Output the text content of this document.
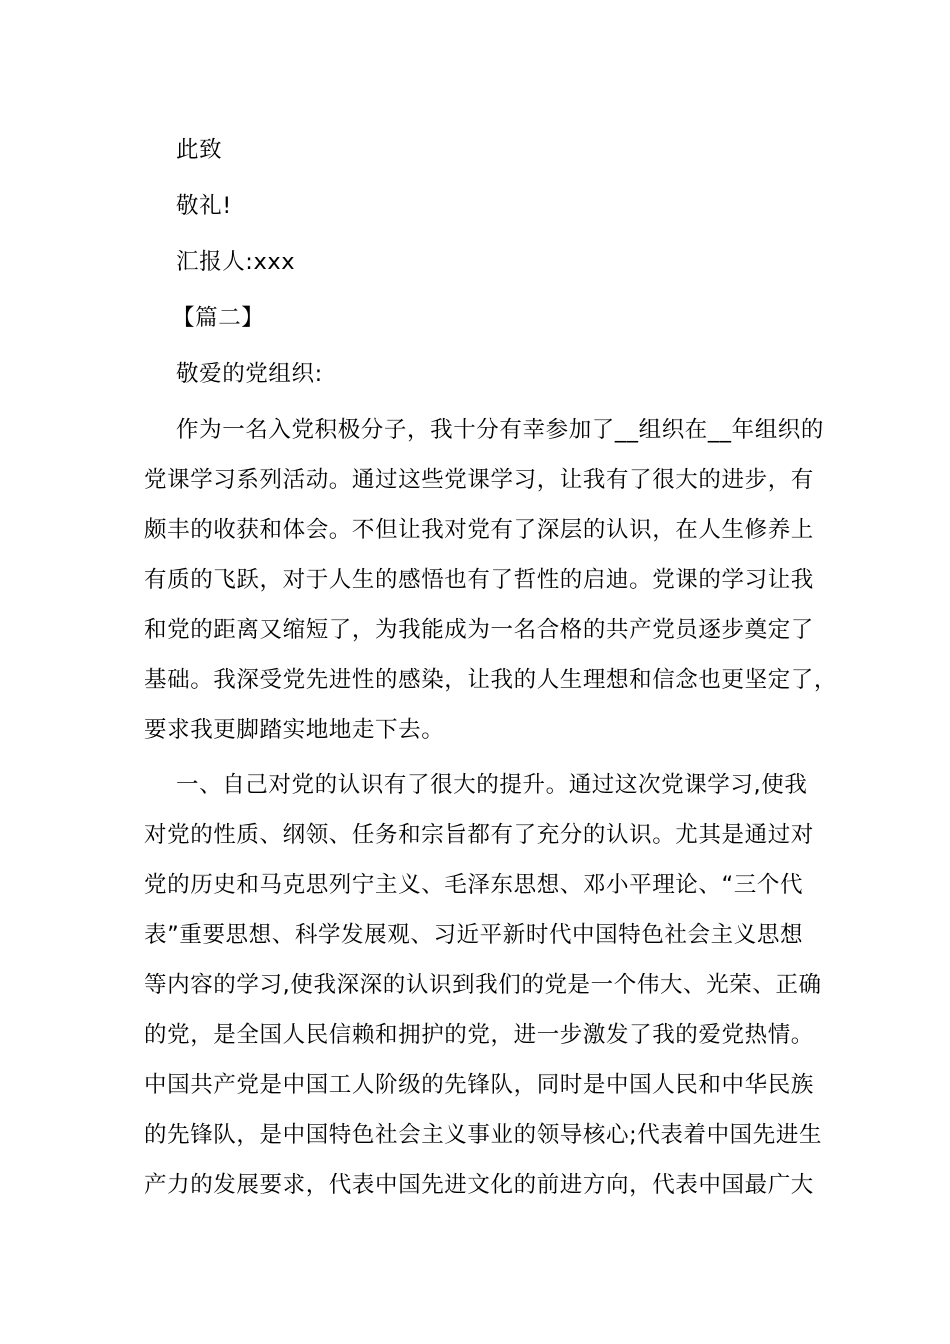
此致
敬礼!
汇报人:xxx
【篇二】
敬爱的党组织:
作为一名入党积极分子，我十分有幸参加了__组织在__年组织的
党课学习系列活动。通过这些党课学习，让我有了很大的进步，有
颇丰的收获和体会。不但让我对党有了深层的认识，在人生修养上
有质的飞跃，对于人生的感悟也有了哲性的启迪。党课的学习让我
和党的距离又缩短了，为我能成为一名合格的共产党员逐步奠定了
基础。我深受党先进性的感染，让我的人生理想和信念也更坚定了，
要求我更脚踏实地地走下去。
一、自己对党的认识有了很大的提升。通过这次党课学习,使我
对党的性质、纲领、任务和宗旨都有了充分的认识。尤其是通过对
党的历史和马克思列宁主义、毛泽东思想、邓小平理论、“三个代
表”重要思想、科学发展观、习近平新时代中国特色社会主义思想
等内容的学习,使我深深的认识到我们的党是一个伟大、光荣、正确
的党，是全国人民信赖和拥护的党，进一步激发了我的爱党热情。
中国共产党是中国工人阶级的先锋队，同时是中国人民和中华民族
的先锋队，是中国特色社会主义事业的领导核心;代表着中国先进生
产力的发展要求，代表中国先进文化的前进方向，代表中国最广大
